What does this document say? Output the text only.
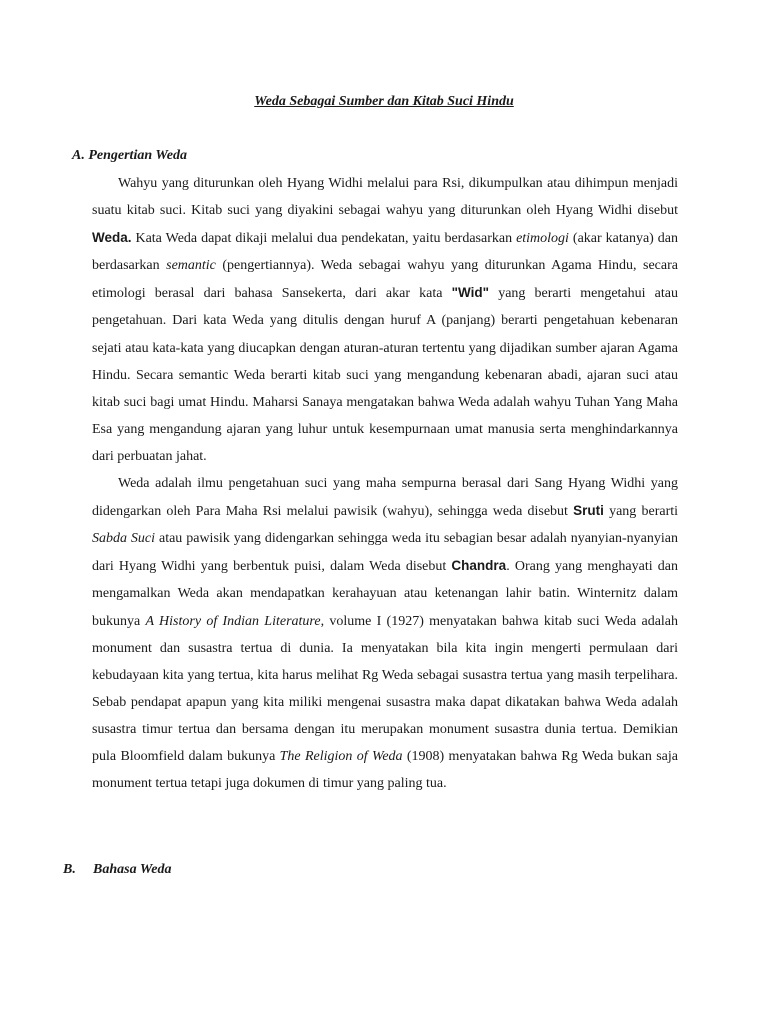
Weda Sebagai Sumber dan Kitab Suci Hindu
A. Pengertian Weda

Wahyu yang diturunkan oleh Hyang Widhi melalui para Rsi, dikumpulkan atau dihimpun menjadi suatu kitab suci. Kitab suci yang diyakini sebagai wahyu yang diturunkan oleh Hyang Widhi disebut Weda. Kata Weda dapat dikaji melalui dua pendekatan, yaitu berdasarkan etimologi (akar katanya) dan berdasarkan semantic (pengertiannya). Weda sebagai wahyu yang diturunkan Agama Hindu, secara etimologi berasal dari bahasa Sansekerta, dari akar kata "Wid" yang berarti mengetahui atau pengetahuan. Dari kata Weda yang ditulis dengan huruf A (panjang) berarti pengetahuan kebenaran sejati atau kata-kata yang diucapkan dengan aturan-aturan tertentu yang dijadikan sumber ajaran Agama Hindu. Secara semantic Weda berarti kitab suci yang mengandung kebenaran abadi, ajaran suci atau kitab suci bagi umat Hindu. Maharsi Sanaya mengatakan bahwa Weda adalah wahyu Tuhan Yang Maha Esa yang mengandung ajaran yang luhur untuk kesempurnaan umat manusia serta menghindarkannya dari perbuatan jahat.

Weda adalah ilmu pengetahuan suci yang maha sempurna berasal dari Sang Hyang Widhi yang didengarkan oleh Para Maha Rsi melalui pawisik (wahyu), sehingga weda disebut Sruti yang berarti Sabda Suci atau pawisik yang didengarkan sehingga weda itu sebagian besar adalah nyanyian-nyanyian dari Hyang Widhi yang berbentuk puisi, dalam Weda disebut Chandra. Orang yang menghayati dan mengamalkan Weda akan mendapatkan kerahayuan atau ketenangan lahir batin. Winternitz dalam bukunya A History of Indian Literature, volume I (1927) menyatakan bahwa kitab suci Weda adalah monument dan susastra tertua di dunia. Ia menyatakan bila kita ingin mengerti permulaan dari kebudayaan kita yang tertua, kita harus melihat Rg Weda sebagai susastra tertua yang masih terpelihara. Sebab pendapat apapun yang kita miliki mengenai susastra maka dapat dikatakan bahwa Weda adalah susastra timur tertua dan bersama dengan itu merupakan monument susastra dunia tertua. Demikian pula Bloomfield dalam bukunya The Religion of Weda (1908) menyatakan bahwa Rg Weda bukan saja monument tertua tetapi juga dokumen di timur yang paling tua.

B. Bahasa Weda
